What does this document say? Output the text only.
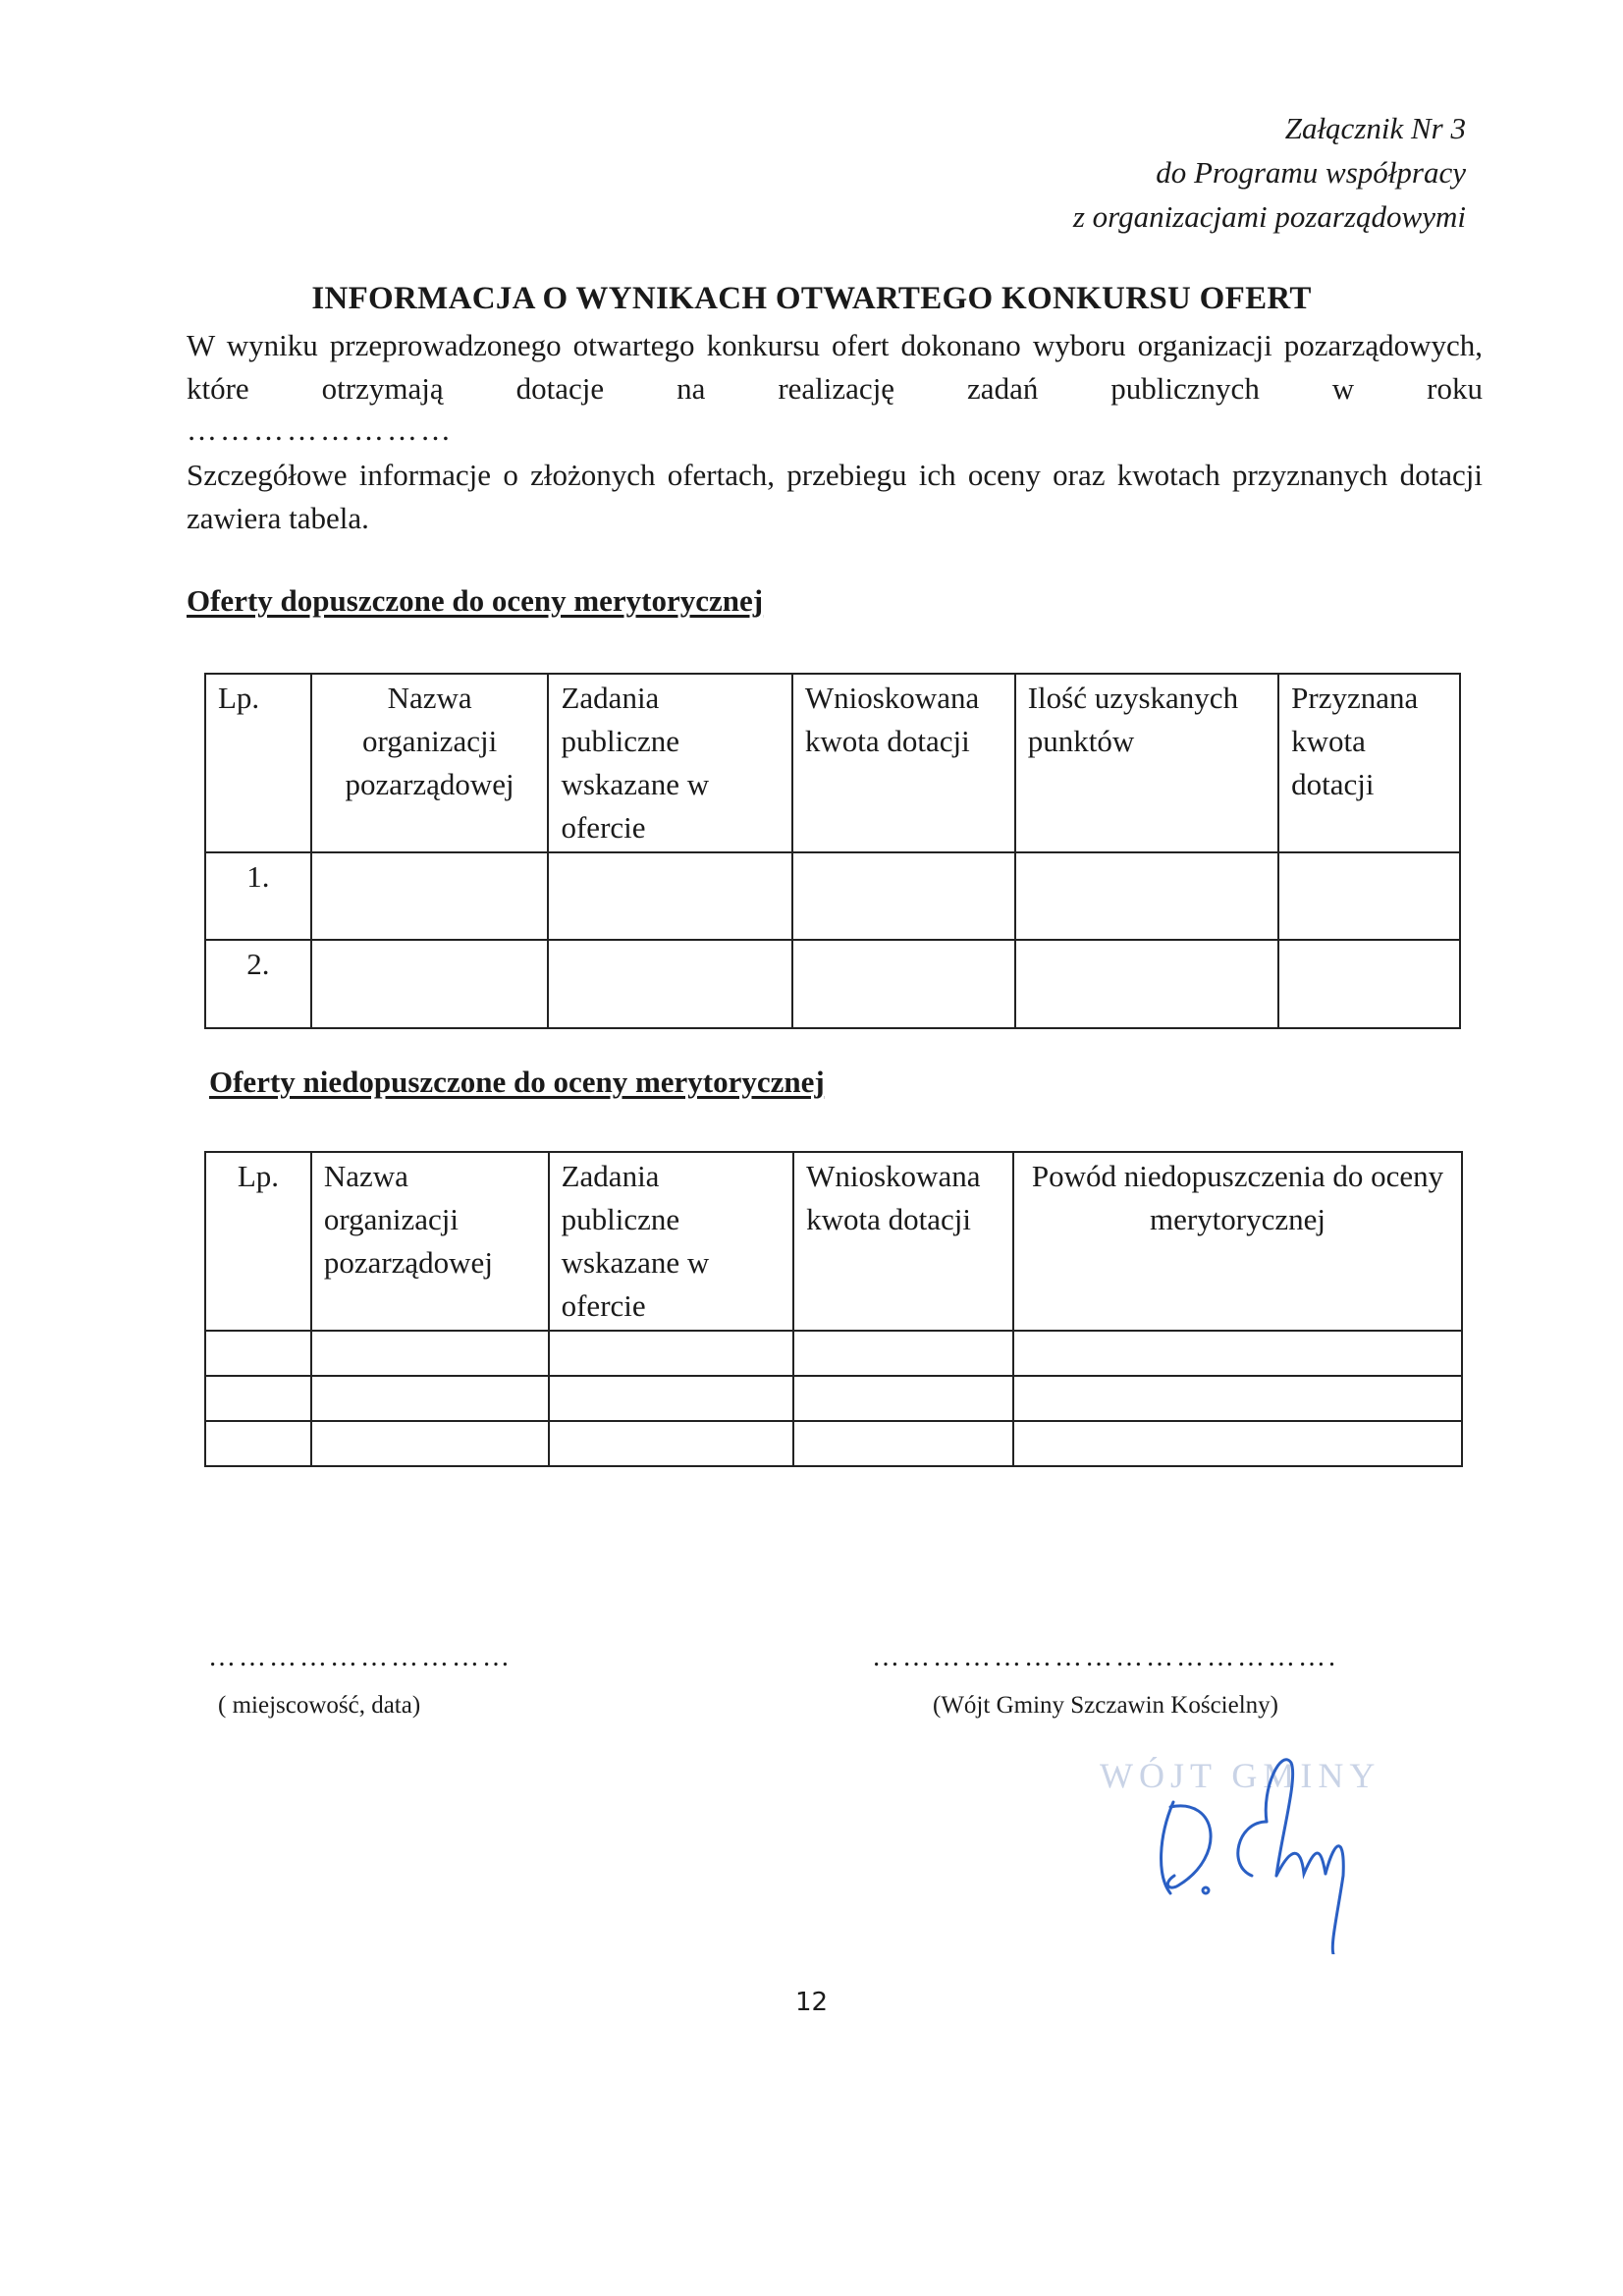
Załącznik Nr 3
do Programu współpracy
z organizacjami pozarządowymi
INFORMACJA O WYNIKACH OTWARTEGO KONKURSU OFERT
W wyniku przeprowadzonego otwartego konkursu ofert dokonano wyboru organizacji pozarządowych, które otrzymają dotacje na realizację zadań publicznych w roku
……………………
Szczegółowe informacje o złożonych ofertach, przebiegu ich oceny oraz kwotach przyznanych dotacji zawiera tabela.
Oferty dopuszczone do oceny merytorycznej
Lp.	Nazwa organizacji pozarządowej	Zadania publiczne wskazane w ofercie	Wnioskowana kwota dotacji	Ilość uzyskanych punktów	Przyznana kwota dotacji
1.					
2.					
Oferty niedopuszczone do oceny merytorycznej
Lp.	Nazwa organizacji pozarządowej	Zadania publiczne wskazane w ofercie	Wnioskowana kwota dotacji	Powód niedopuszczenia do oceny merytorycznej

…………………………	……………………………………….
( miejscowość, data)	(Wójt Gminy Szczawin Kościelny)
WÓJT GMINY
12
